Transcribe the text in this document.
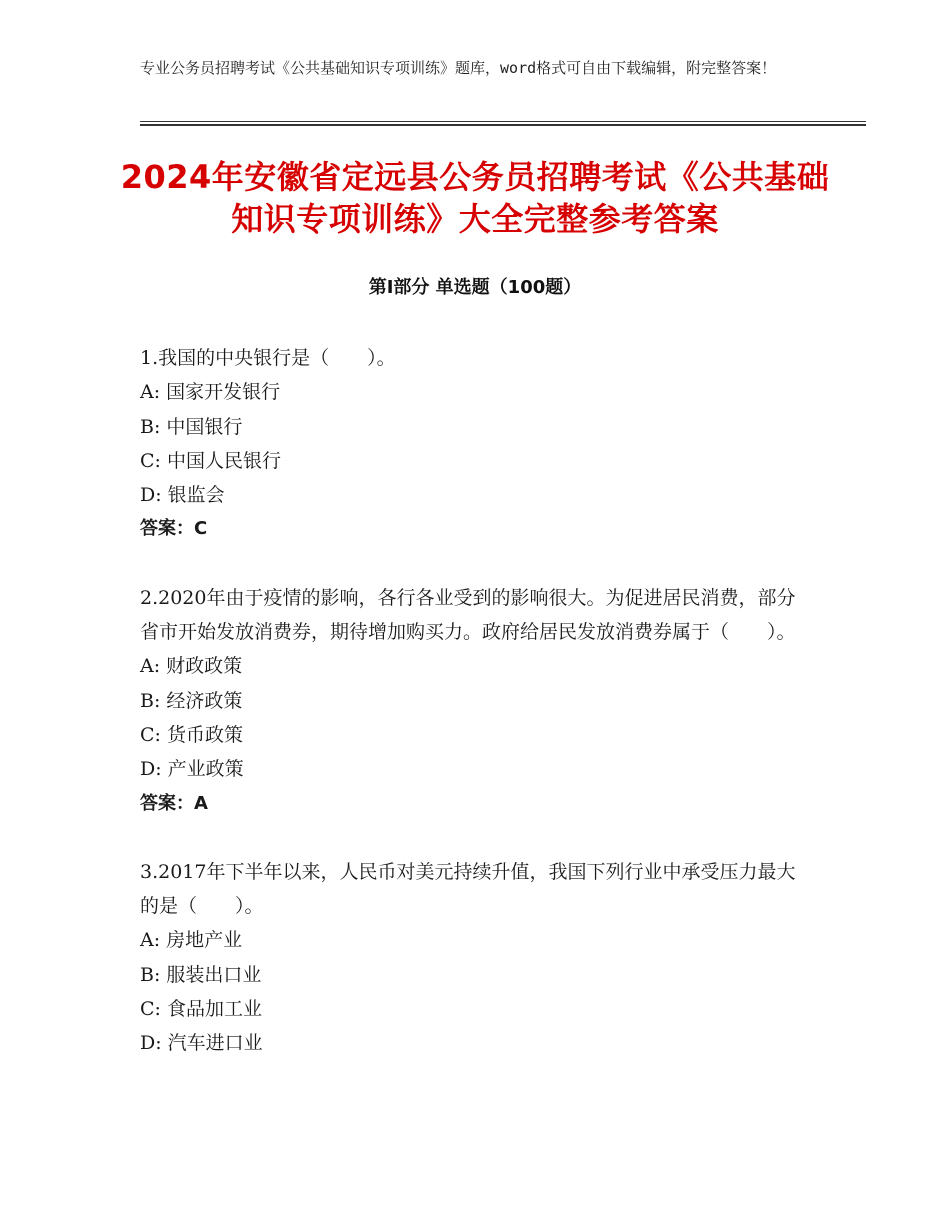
专业公务员招聘考试《公共基础知识专项训练》题库，word格式可自由下载编辑，附完整答案！
2024年安徽省定远县公务员招聘考试《公共基础知识专项训练》大全完整参考答案
第Ⅰ部分 单选题（100题）
1.我国的中央银行是（　　）。
A: 国家开发银行
B: 中国银行
C: 中国人民银行
D: 银监会
答案：C
2.2020年由于疫情的影响，各行各业受到的影响很大。为促进居民消费，部分省市开始发放消费券，期待增加购买力。政府给居民发放消费券属于（　　）。
A: 财政政策
B: 经济政策
C: 货币政策
D: 产业政策
答案：A
3.2017年下半年以来，人民币对美元持续升值，我国下列行业中承受压力最大的是（　　）。
A: 房地产业
B: 服装出口业
C: 食品加工业
D: 汽车进口业
